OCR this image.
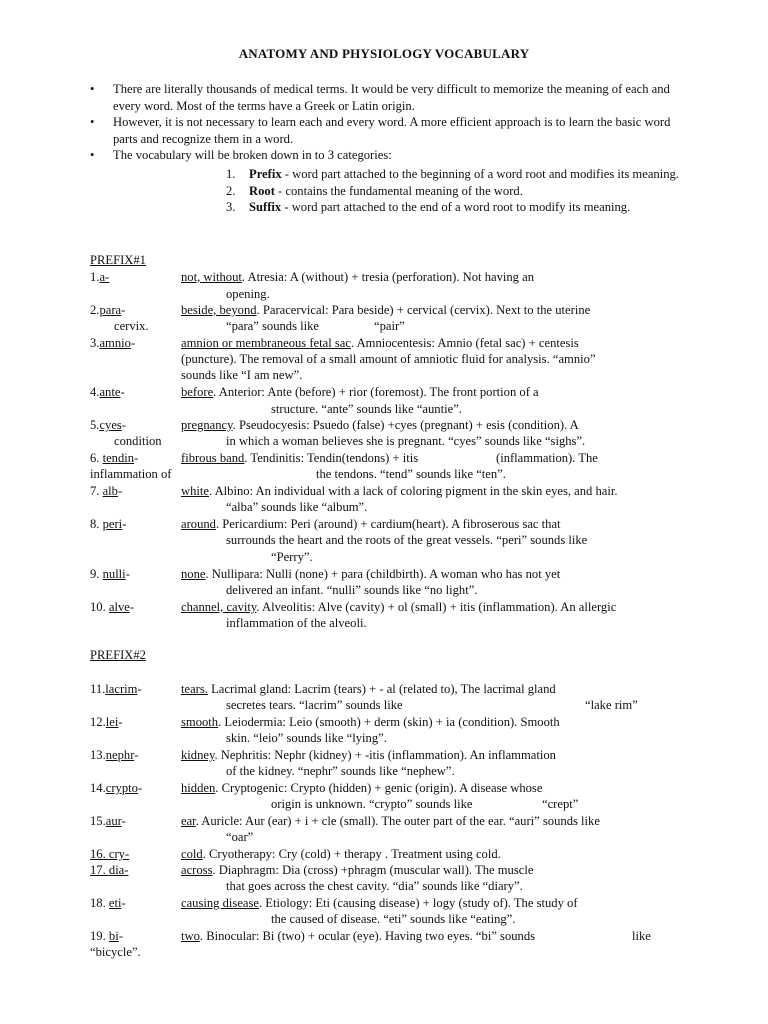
ANATOMY AND PHYSIOLOGY VOCABULARY
• There are literally thousands of medical terms. It would be very difficult to memorize the meaning of each and every word. Most of the terms have a Greek or Latin origin.
• However, it is not necessary to learn each and every word. A more efficient approach is to learn the basic word parts and recognize them in a word.
• The vocabulary will be broken down in to 3 categories:
1. Prefix - word part attached to the beginning of a word root and modifies its meaning.
2. Root - contains the fundamental meaning of the word.
3. Suffix - word part attached to the end of a word root to modify its meaning.
PREFIX#1
1.a-	not, without. Atresia: A (without) + tresia (perforation). Not having an
opening.
2.para-	beside, beyond. Paracervical: Para beside) + cervical (cervix). Next to the uterine
cervix.	“para” sounds like	“pair”
3.amnio-	amnion or membraneous fetal sac. Amniocentesis: Amnio (fetal sac) + centesis
(puncture). The removal of a small amount of amniotic fluid for analysis. “amnio”
sounds like “I am new”.
4.ante-	before. Anterior: Ante (before) + rior (foremost). The front portion of a
structure. “ante” sounds like “auntie”.
5.cyes-	pregnancy. Pseudocyesis: Psuedo (false) +cyes (pregnant) + esis (condition). A
condition	in which a woman believes she is pregnant. “cyes” sounds like “sighs”.
6. tendin-	fibrous band. Tendinitis: Tendin(tendons) + itis	(inflammation). The
inflammation of	the tendons. “tend” sounds like “ten”.
7. alb-	white. Albino: An individual with a lack of coloring pigment in the skin eyes, and hair.
“alba” sounds like “album”.
8. peri-	around. Pericardium: Peri (around) + cardium(heart). A fibroserous sac that
surrounds the heart and the roots of the great vessels. “peri” sounds like
“Perry”.
9. nulli-	none. Nullipara: Nulli (none) + para (childbirth). A woman who has not yet
delivered an infant. “nulli” sounds like “no light”.
10. alve-	channel, cavity. Alveolitis: Alve (cavity) + ol (small) + itis (inflammation). An allergic
inflammation of the alveoli.
PREFIX#2
11.lacrim-	tears. Lacrimal gland: Lacrim (tears) + - al (related to), The lacrimal gland
secretes tears. “lacrim” sounds like	“lake rim”
12.lei-	smooth. Leiodermia: Leio (smooth) + derm (skin) + ia (condition). Smooth
skin. “leio” sounds like “lying”.
13.nephr-	kidney. Nephritis: Nephr (kidney) + -itis (inflammation). An inflammation
of the kidney. “nephr” sounds like “nephew”.
14.crypto-	hidden. Cryptogenic: Crypto (hidden) + genic (origin). A disease whose
origin is unknown. “crypto” sounds like	“crept”
15.aur-	ear. Auricle: Aur (ear) + i + cle (small). The outer part of the ear. “auri” sounds like
“oar”
16. cry-	cold. Cryotherapy: Cry (cold) + therapy . Treatment using cold.
17. dia-	across. Diaphragm: Dia (cross) +phragm (muscular wall). The muscle
that goes across the chest cavity. “dia” sounds like “diary”.
18. eti-	causing disease. Etiology: Eti (causing disease) + logy (study of). The study of
the caused of disease. “eti” sounds like “eating”.
19. bi-	two. Binocular: Bi (two) + ocular (eye). Having two eyes. “bi” sounds	like
“bicycle”.
